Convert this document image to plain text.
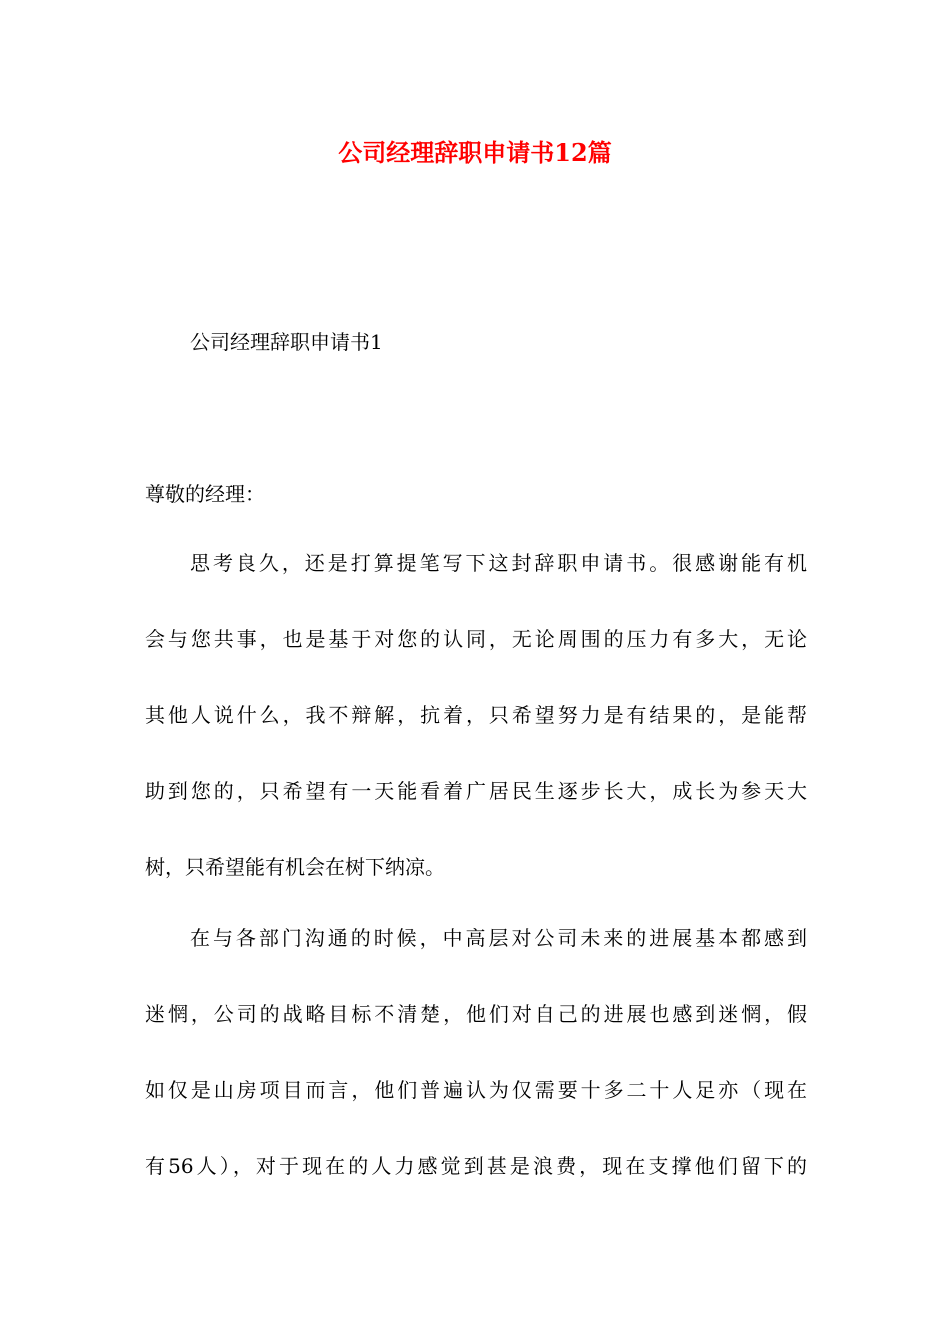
公司经理辞职申请书12篇
公司经理辞职申请书1
尊敬的经理：
思考良久，还是打算提笔写下这封辞职申请书。很感谢能有机
会与您共事，也是基于对您的认同，无论周围的压力有多大，无论
其他人说什么，我不辩解，抗着，只希望努力是有结果的，是能帮
助到您的，只希望有一天能看着广居民生逐步长大，成长为参天大
树，只希望能有机会在树下纳凉。
在与各部门沟通的时候，中高层对公司未来的进展基本都感到
迷惘，公司的战略目标不清楚，他们对自己的进展也感到迷惘，假
如仅是山房项目而言，他们普遍认为仅需要十多二十人足亦（现在
有56人），对于现在的人力感觉到甚是浪费，现在支撑他们留下的
